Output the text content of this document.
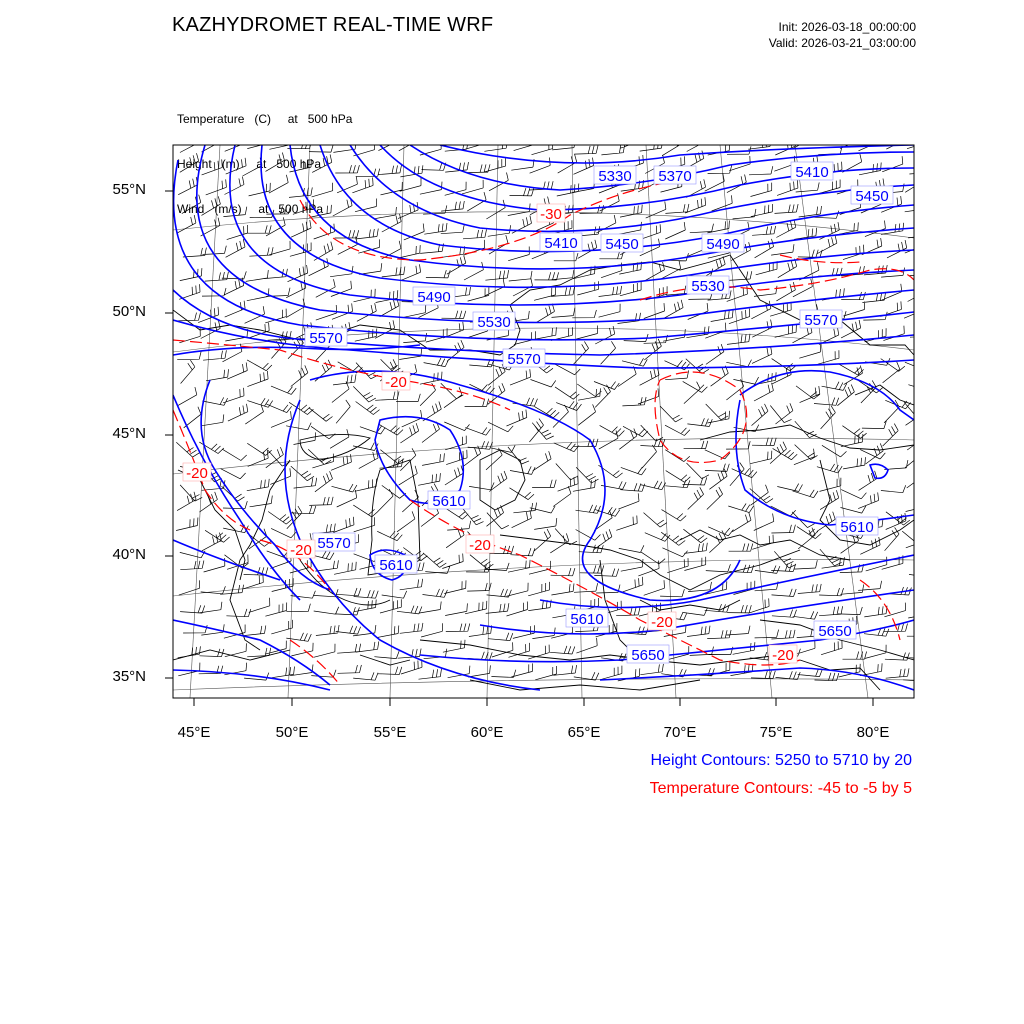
KAZHYDROMET REAL-TIME WRF	Init: 2026-03-18_00:00:00
Valid: 2026-03-21_03:00:00

Temperature   (C)     at   500 hPa

Height   (m)     at   500 hPa

Wind   (m/s)     at   500 hPa

5330 5370	5410
5450
5410 5450	5490
5490
5530
5530
5570
5570
5570
5610
5610
5570
5610
5610
5650
5650
-30
-20
-20
-20	-20
-20
-20
55°N
50°N
45°N
40°N
35°N
45°E	50°E	55°E	60°E	65°E	70°E	75°E	80°E
Height Contours: 5250 to 5710 by 20
Temperature Contours: -45 to -5 by 5
